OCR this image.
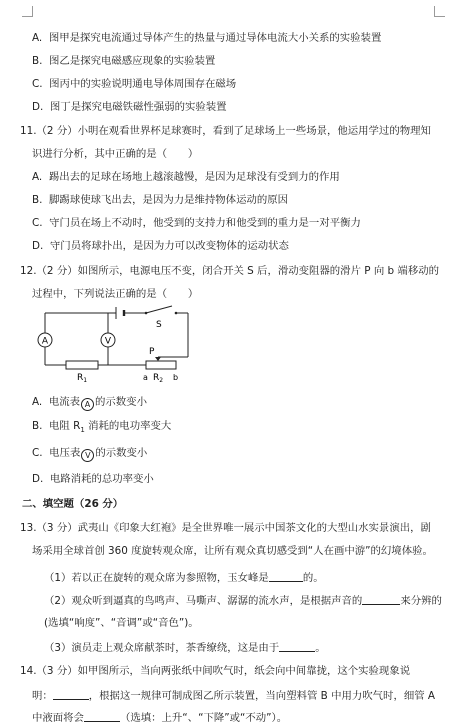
A. 图甲是探究电流通过导体产生的热量与通过导体电流大小关系的实验装置
B. 图乙是探究电磁感应现象的实验装置
C. 图丙中的实验说明通电导体周围存在磁场
D. 图丁是探究电磁铁磁性强弱的实验装置
11.（2 分）小明在观看世界杯足球赛时，看到了足球场上一些场景，他运用学过的物理知
识进行分析，其中正确的是（　　）
A. 踢出去的足球在场地上越滚越慢，是因为足球没有受到力的作用
B. 脚踢球使球飞出去，是因为力是维持物体运动的原因
C. 守门员在场上不动时，他受到的支持力和他受到的重力是一对平衡力
D. 守门员将球扑出，是因为力可以改变物体的运动状态
12.（2 分）如图所示，电源电压不变，闭合开关 S 后，滑动变阻器的滑片 P 向 b 端移动的
过程中，下列说法正确的是（　　）
S
A	V
$R_1$
P
a $R_2$ b
A. 电流表 A 的示数变小
B. 电阻 $R_1$ 消耗的电功率变大
C. 电压表 V 的示数变小
D. 电路消耗的总功率变小
二、填空题（26 分）
13.（3 分）武夷山《印象大红袍》是全世界唯一展示中国茶文化的大型山水实景演出，剧
场采用全球首创 360 度旋转观众席，让所有观众真切感受到“人在画中游”的幻境体验。
（1）若以正在旋转的观众席为参照物，玉女峰是	的。
（2）观众听到逼真的鸟鸣声、马嘶声、潺潺的流水声，是根据声音的	来分辨的
(选填“响度”、“音调”或“音色”)。
（3）演员走上观众席献茶时，茶香缭绕，这是由于	。
14.（3 分）如甲图所示，当向两张纸中间吹气时，纸会向中间靠拢，这个实验现象说
明：	，根据这一规律可制成图乙所示装置，当向塑料管 B 中用力吹气时，细管 A
中液面将会	（选填：上升“、“下降”或“不动”）。
